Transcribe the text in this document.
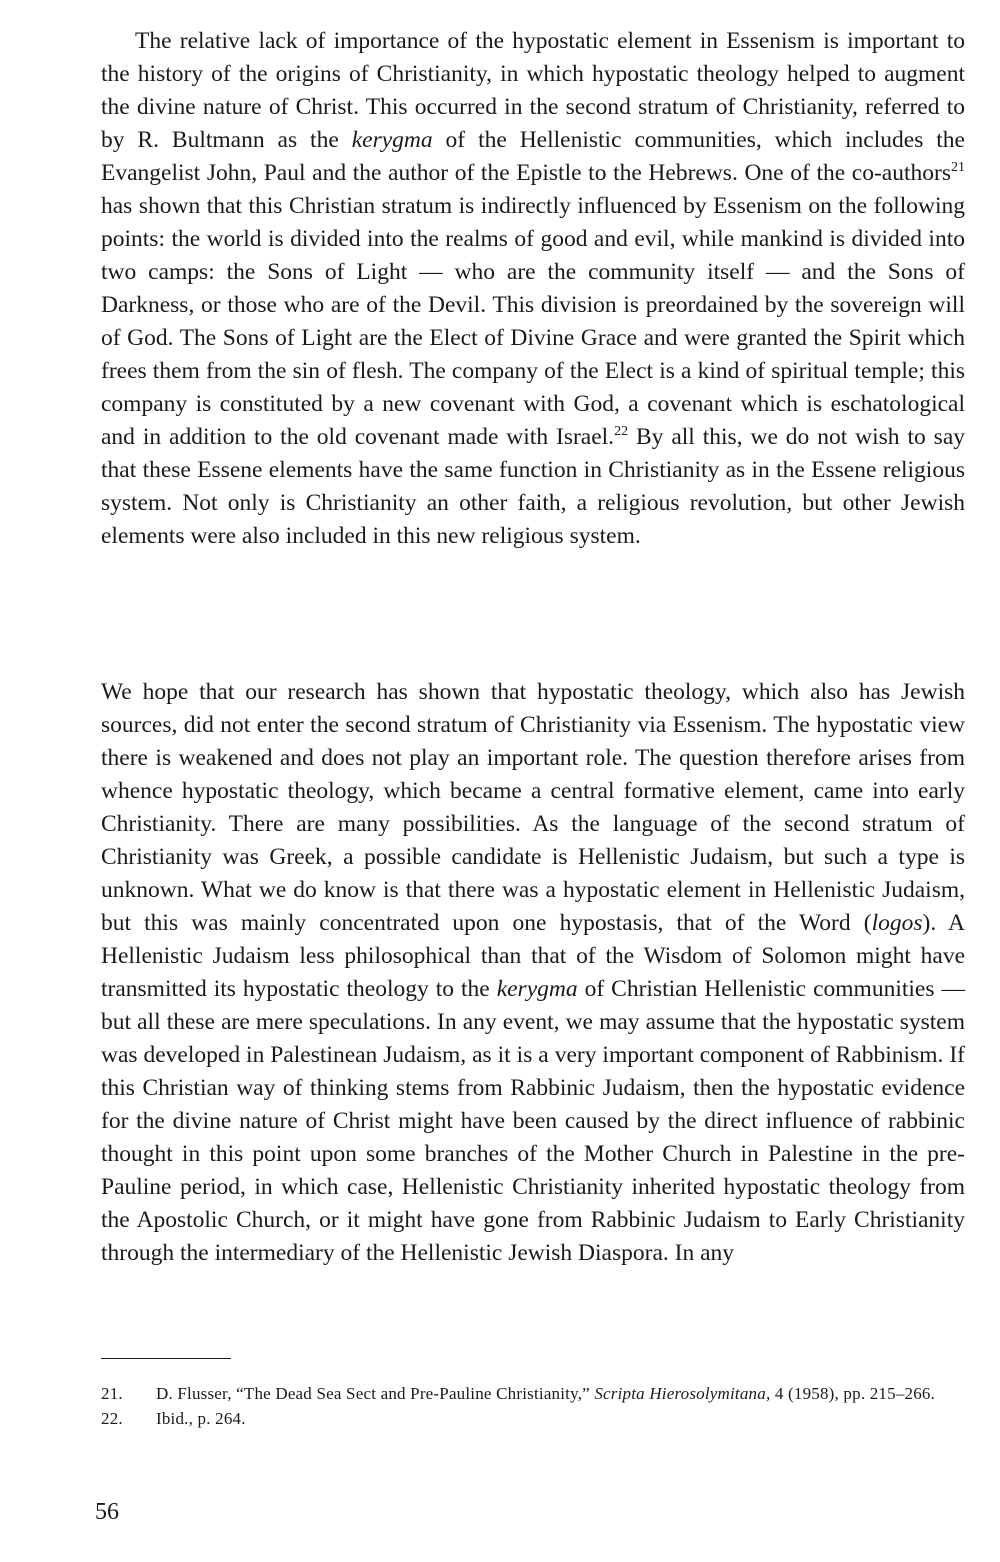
The relative lack of importance of the hypostatic element in Essenism is important to the history of the origins of Christianity, in which hypostatic theology helped to augment the divine nature of Christ. This occurred in the second stratum of Christianity, referred to by R. Bultmann as the kerygma of the Hellenistic communities, which includes the Evangelist John, Paul and the author of the Epistle to the Hebrews. One of the co-authors$^{21}$ has shown that this Christian stratum is indirectly influenced by Essenism on the following points: the world is divided into the realms of good and evil, while mankind is divided into two camps: the Sons of Light — who are the community itself — and the Sons of Darkness, or those who are of the Devil. This division is preordained by the sovereign will of God. The Sons of Light are the Elect of Divine Grace and were granted the Spirit which frees them from the sin of flesh. The company of the Elect is a kind of spiritual temple; this company is constituted by a new covenant with God, a covenant which is eschatological and in addition to the old covenant made with Israel.$^{22}$ By all this, we do not wish to say that these Essene elements have the same function in Christianity as in the Essene religious system. Not only is Christianity an other faith, a religious revolution, but other Jewish elements were also included in this new religious system.

We hope that our research has shown that hypostatic theology, which also has Jewish sources, did not enter the second stratum of Christianity via Essenism. The hypostatic view there is weakened and does not play an important role. The question therefore arises from whence hypostatic theology, which became a central formative element, came into early Christianity. There are many possibilities. As the language of the second stratum of Christianity was Greek, a possible candidate is Hellenistic Judaism, but such a type is unknown. What we do know is that there was a hypostatic element in Hellenistic Judaism, but this was mainly concentrated upon one hypostasis, that of the Word (logos). A Hellenistic Judaism less philosophical than that of the Wisdom of Solomon might have transmitted its hypostatic theology to the kerygma of Christian Hellenistic communities — but all these are mere speculations. In any event, we may assume that the hypostatic system was developed in Palestinean Judaism, as it is a very important component of Rabbinism. If this Christian way of thinking stems from Rabbinic Judaism, then the hypostatic evidence for the divine nature of Christ might have been caused by the direct influence of rabbinic thought in this point upon some branches of the Mother Church in Palestine in the pre-Pauline period, in which case, Hellenistic Christianity inherited hypostatic theology from the Apostolic Church, or it might have gone from Rabbinic Judaism to Early Christianity through the intermediary of the Hellenistic Jewish Diaspora. In any

21. D. Flusser, “The Dead Sea Sect and Pre-Pauline Christianity,” Scripta Hierosolymitana, 4 (1958), pp. 215–266.

22. Ibid., p. 264.

56
